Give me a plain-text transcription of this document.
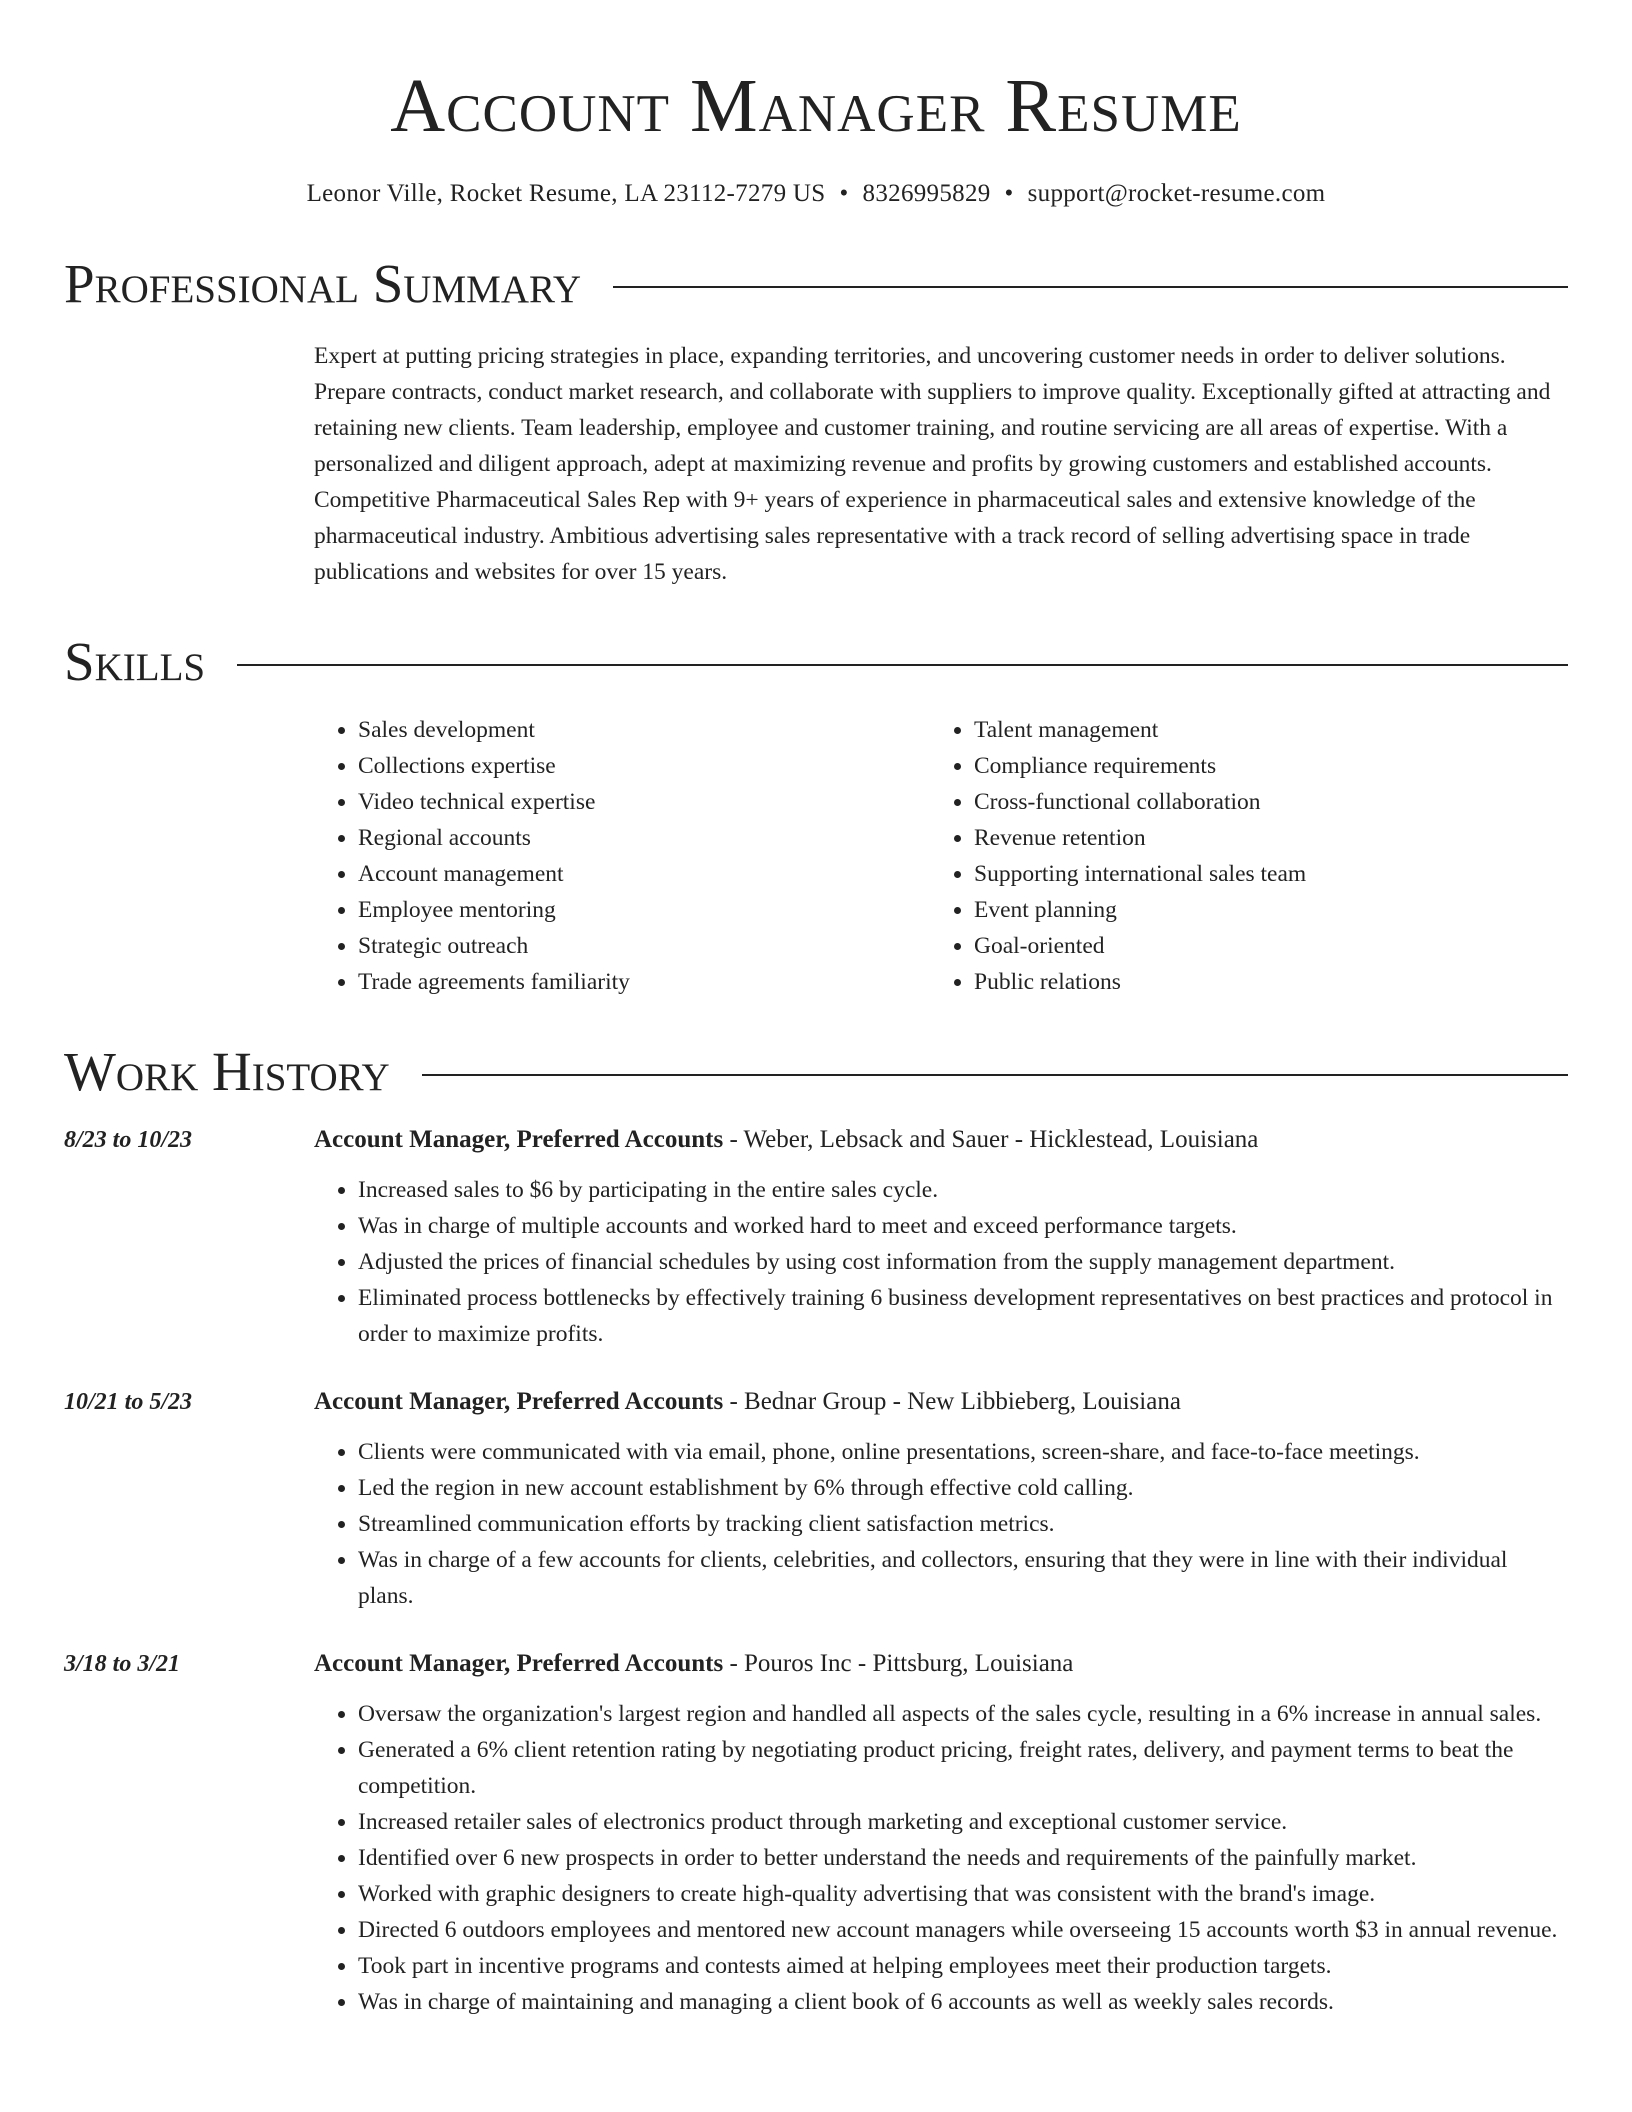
Account Manager Resume
Leonor Ville, Rocket Resume, LA 23112-7279 US • 8326995829 • support@rocket-resume.com
Professional Summary
Expert at putting pricing strategies in place, expanding territories, and uncovering customer needs in order to deliver solutions. Prepare contracts, conduct market research, and collaborate with suppliers to improve quality. Exceptionally gifted at attracting and retaining new clients. Team leadership, employee and customer training, and routine servicing are all areas of expertise. With a personalized and diligent approach, adept at maximizing revenue and profits by growing customers and established accounts. Competitive Pharmaceutical Sales Rep with 9+ years of experience in pharmaceutical sales and extensive knowledge of the pharmaceutical industry. Ambitious advertising sales representative with a track record of selling advertising space in trade publications and websites for over 15 years.
Skills
• Sales development
• Collections expertise
• Video technical expertise
• Regional accounts
• Account management
• Employee mentoring
• Strategic outreach
• Trade agreements familiarity
• Talent management
• Compliance requirements
• Cross-functional collaboration
• Revenue retention
• Supporting international sales team
• Event planning
• Goal-oriented
• Public relations
Work History
8/23 to 10/23	Account Manager, Preferred Accounts - Weber, Lebsack and Sauer - Hicklestead, Louisiana
• Increased sales to $6 by participating in the entire sales cycle.
• Was in charge of multiple accounts and worked hard to meet and exceed performance targets.
• Adjusted the prices of financial schedules by using cost information from the supply management department.
• Eliminated process bottlenecks by effectively training 6 business development representatives on best practices and protocol in order to maximize profits.
10/21 to 5/23	Account Manager, Preferred Accounts - Bednar Group - New Libbieberg, Louisiana
• Clients were communicated with via email, phone, online presentations, screen-share, and face-to-face meetings.
• Led the region in new account establishment by 6% through effective cold calling.
• Streamlined communication efforts by tracking client satisfaction metrics.
• Was in charge of a few accounts for clients, celebrities, and collectors, ensuring that they were in line with their individual plans.
3/18 to 3/21	Account Manager, Preferred Accounts - Pouros Inc - Pittsburg, Louisiana
• Oversaw the organization's largest region and handled all aspects of the sales cycle, resulting in a 6% increase in annual sales.
• Generated a 6% client retention rating by negotiating product pricing, freight rates, delivery, and payment terms to beat the competition.
• Increased retailer sales of electronics product through marketing and exceptional customer service.
• Identified over 6 new prospects in order to better understand the needs and requirements of the painfully market.
• Worked with graphic designers to create high-quality advertising that was consistent with the brand's image.
• Directed 6 outdoors employees and mentored new account managers while overseeing 15 accounts worth $3 in annual revenue.
• Took part in incentive programs and contests aimed at helping employees meet their production targets.
• Was in charge of maintaining and managing a client book of 6 accounts as well as weekly sales records.
